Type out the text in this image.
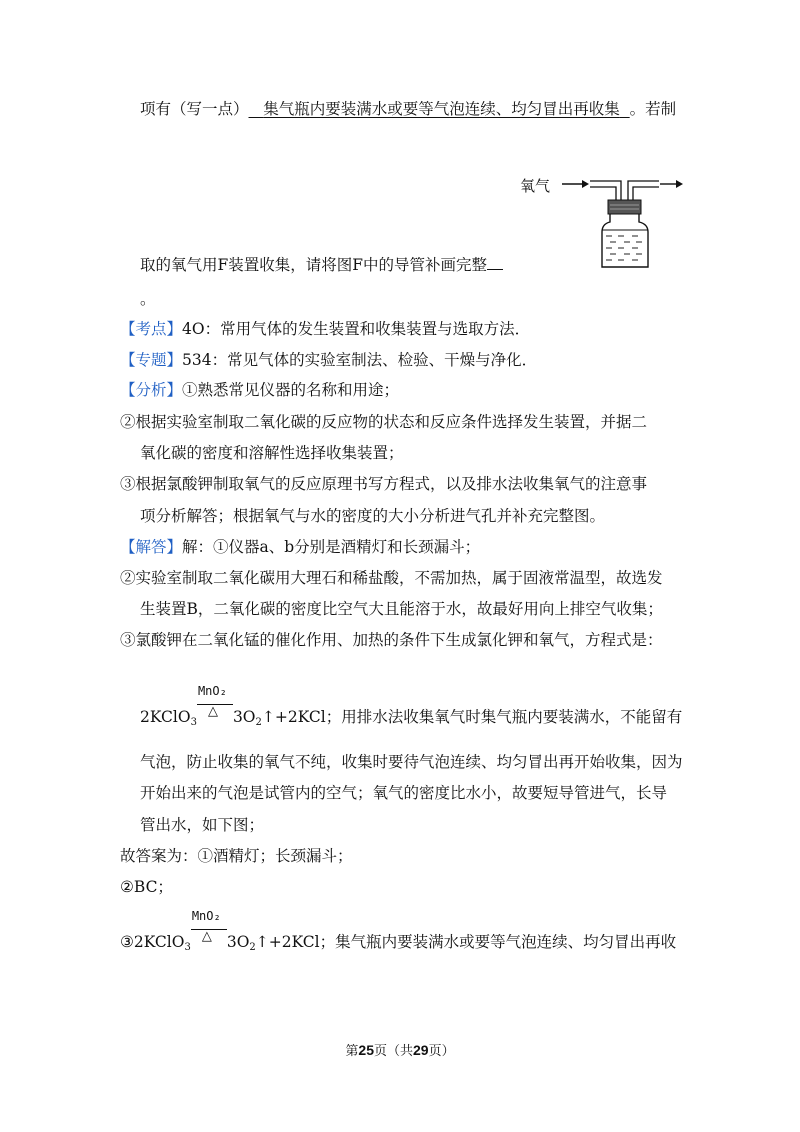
项有（写一点） 集气瓶内要装满水或要等气泡连续、均匀冒出再收集 。若制
氧气
取的氧气用F装置收集，请将图F中的导管补画完整
。
【考点】4O：常用气体的发生装置和收集装置与选取方法．
【专题】534：常见气体的实验室制法、检验、干燥与净化．
【分析】①熟悉常见仪器的名称和用途；
②根据实验室制取二氧化碳的反应物的状态和反应条件选择发生装置，并据二
氧化碳的密度和溶解性选择收集装置；
③根据氯酸钾制取氧气的反应原理书写方程式，以及排水法收集氧气的注意事
项分析解答；根据氧气与水的密度的大小分析进气孔并补充完整图。
【解答】解：①仪器a、b分别是酒精灯和长颈漏斗；
②实验室制取二氧化碳用大理石和稀盐酸，不需加热，属于固液常温型，故选发
生装置B，二氧化碳的密度比空气大且能溶于水，故最好用向上排空气收集；
③氯酸钾在二氧化锰的催化作用、加热的条件下生成氯化钾和氧气，方程式是：
2KClO$_3$
MnO₂
△ $3O_2↑+2KCl$；用排水法收集氧气时集气瓶内要装满水，不能留有
气泡，防止收集的氧气不纯，收集时要待气泡连续、均匀冒出再开始收集，因为
开始出来的气泡是试管内的空气；氧气的密度比水小，故要短导管进气，长导
管出水，如下图；
故答案为：①酒精灯；长颈漏斗；
②BC；
③2KClO$_3$
MnO₂
△ $3O_2↑+2KCl$；集气瓶内要装满水或要等气泡连续、均匀冒出再收
第25页（共29页）
